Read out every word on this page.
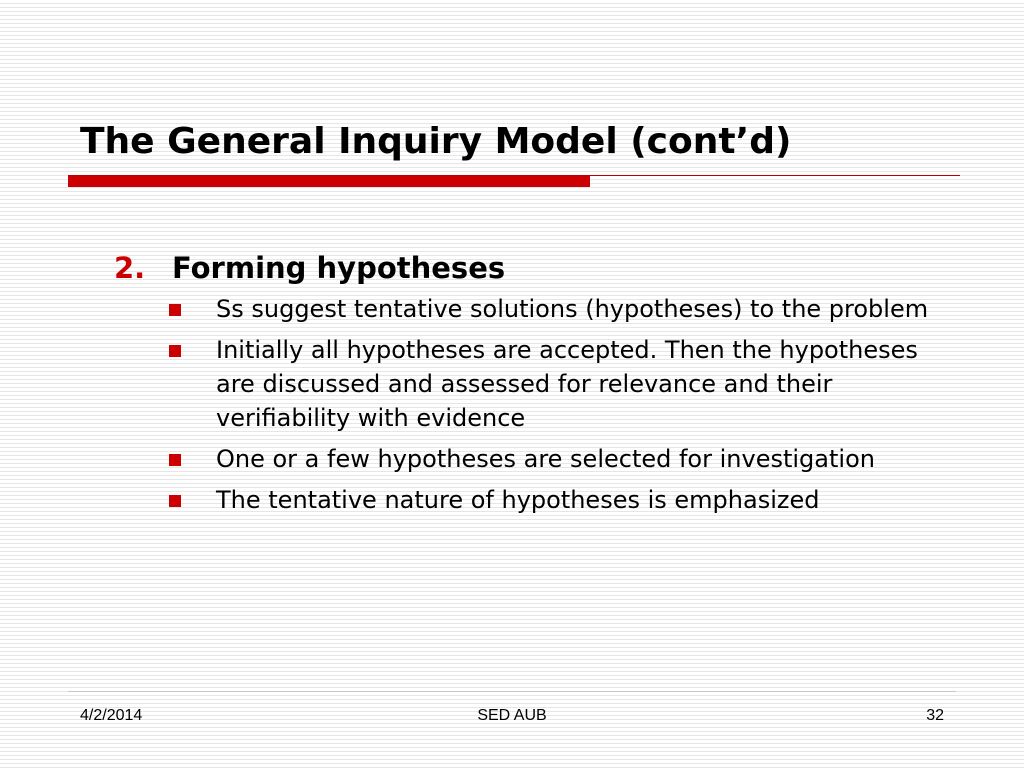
The General Inquiry Model (cont’d)
2. Forming hypotheses
Ss suggest tentative solutions (hypotheses) to the problem
Initially all hypotheses are accepted. Then the hypotheses are discussed and assessed for relevance and their verifiability with evidence
One or a few hypotheses are selected for investigation
The tentative nature of hypotheses is emphasized
4/2/2014	SED AUB	32
